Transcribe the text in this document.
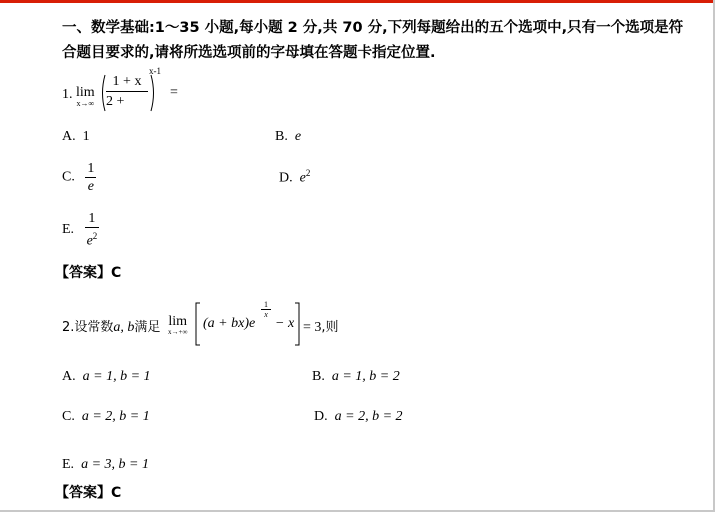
一、数学基础:1～35 小题,每小题 2 分,共 70 分,下列每题给出的五个选项中,只有一个选项是符合题目要求的,请将所选选项前的字母填在答题卡指定位置.
1. lim
x→∞
1 + x
2 +
x-1
=
A. 1	B. e
C. $\frac{1}{e}$	D. $e^2$
E. $\frac{1}{e^2}$
【答案】C
2.设常数a, b满足 lim
x→+∞
(a + bx)e
1
x
− x = 3,则
A. a = 1, b = 1	B. a = 1, b = 2
C. a = 2, b = 1	D. a = 2, b = 2
E. a = 3, b = 1
【答案】C
